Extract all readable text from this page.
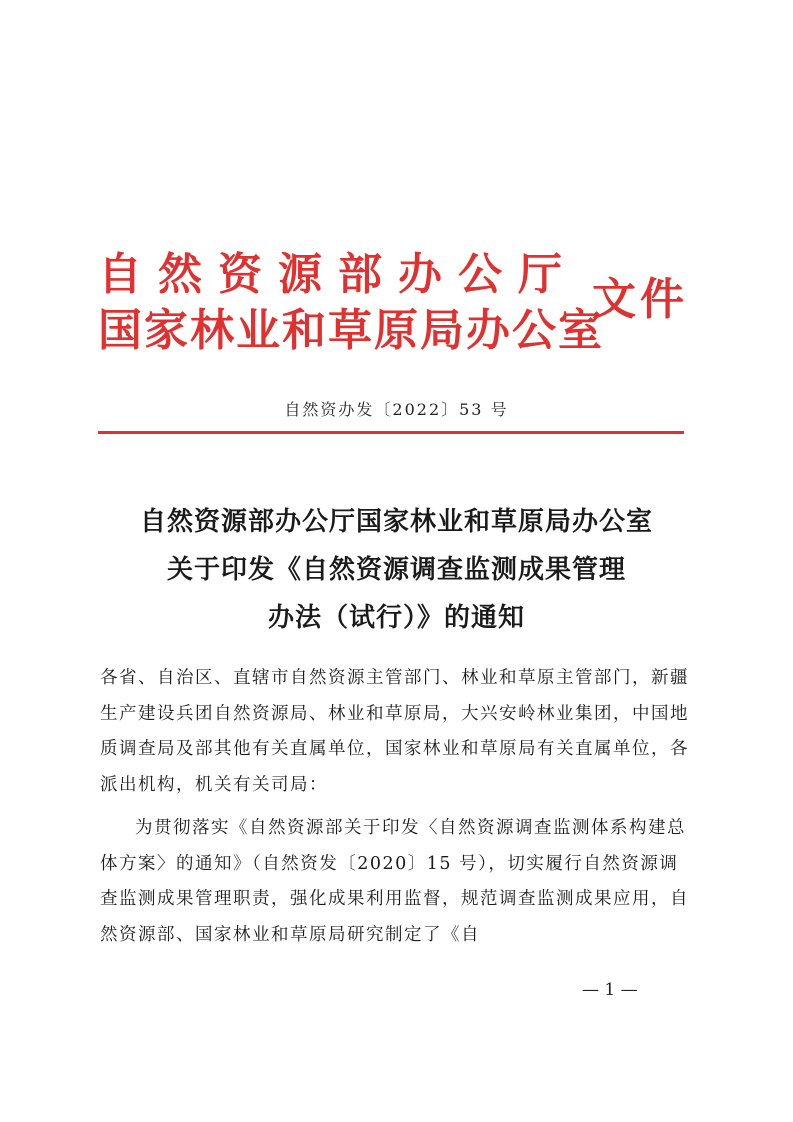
自然资源部办公厅
国家林业和草原局办公室
文件
自然资办发〔2022〕53 号
自然资源部办公厅国家林业和草原局办公室
关于印发《自然资源调查监测成果管理
办法（试行）》的通知

各省、自治区、直辖市自然资源主管部门、林业和草原主管部门，新疆生产建设兵团自然资源局、林业和草原局，大兴安岭林业集团，中国地质调查局及部其他有关直属单位，国家林业和草原局有关直属单位，各派出机构，机关有关司局：

为贯彻落实《自然资源部关于印发〈自然资源调查监测体系构建总体方案〉的通知》（自然资发〔2020〕15 号），切实履行自然资源调查监测成果管理职责，强化成果利用监督，规范调查监测成果应用，自然资源部、国家林业和草原局研究制定了《自

— 1 —
